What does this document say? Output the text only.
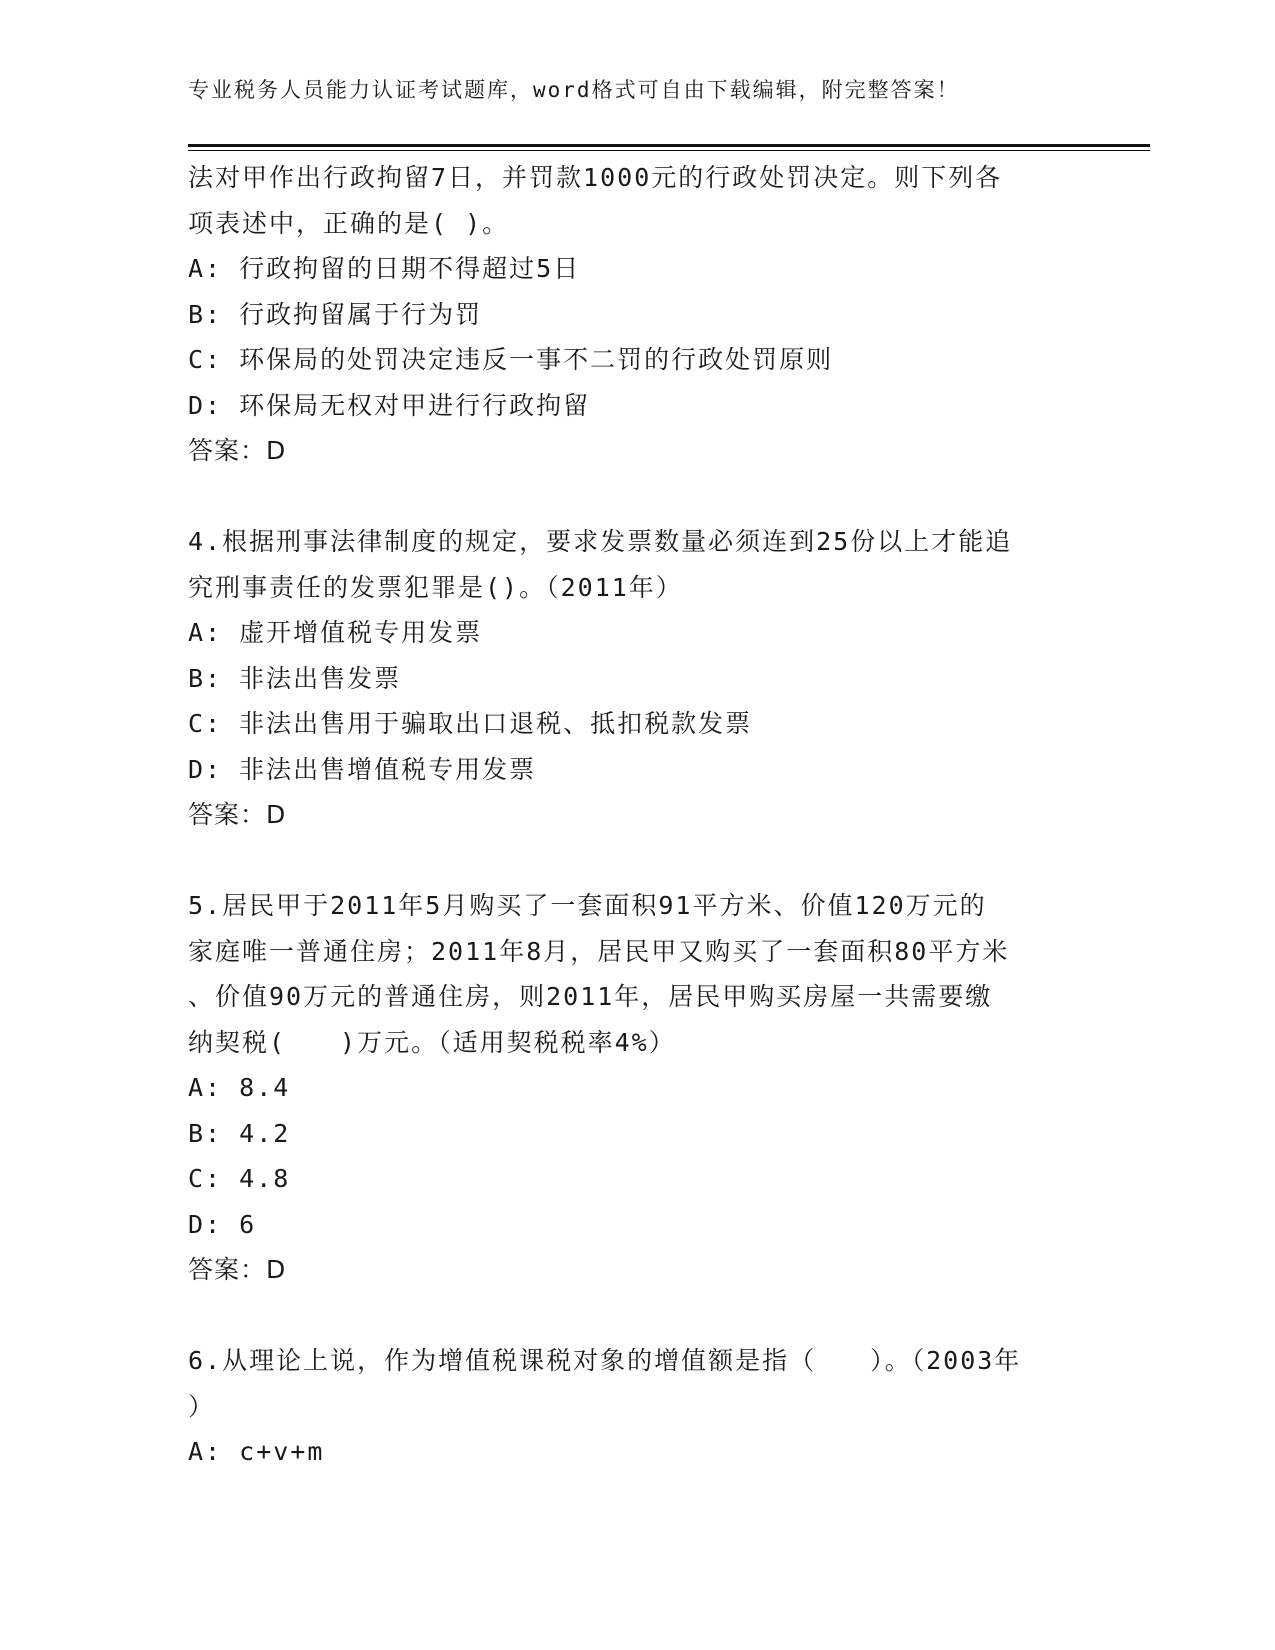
专业税务人员能力认证考试题库，word格式可自由下载编辑，附完整答案！
法对甲作出行政拘留7日，并罚款1000元的行政处罚决定。则下列各
项表述中，正确的是( )。
A: 行政拘留的日期不得超过5日
B: 行政拘留属于行为罚
C: 环保局的处罚决定违反一事不二罚的行政处罚原则
D: 环保局无权对甲进行行政拘留
答案：D
4.根据刑事法律制度的规定，要求发票数量必须连到25份以上才能追
究刑事责任的发票犯罪是()。（2011年）
A: 虚开增值税专用发票
B: 非法出售发票
C: 非法出售用于骗取出口退税、抵扣税款发票
D: 非法出售增值税专用发票
答案：D
5.居民甲于2011年5月购买了一套面积91平方米、价值120万元的
家庭唯一普通住房；2011年8月，居民甲又购买了一套面积80平方米
、价值90万元的普通住房，则2011年，居民甲购买房屋一共需要缴
纳契税(　　)万元。（适用契税税率4%）
A: 8.4
B: 4.2
C: 4.8
D: 6
答案：D
6.从理论上说，作为增值税课税对象的增值额是指（　　）。（2003年
）
A: c+v+m
